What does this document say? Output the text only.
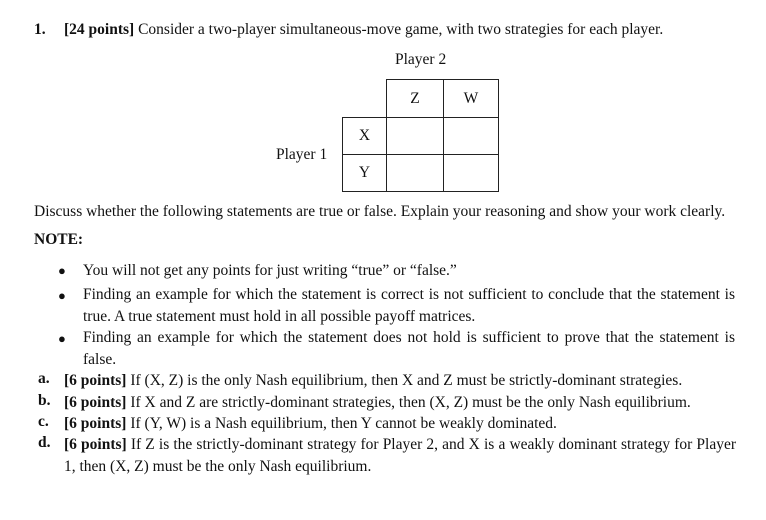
1. [24 points] Consider a two-player simultaneous-move game, with two strategies for each player.
Player 2
Player 1
Z	W
X		
Y		
Discuss whether the following statements are true or false. Explain your reasoning and show your work clearly.
NOTE:
● You will not get any points for just writing “true” or “false.”
● Finding an example for which the statement is correct is not sufficient to conclude that the statement is true. A true statement must hold in all possible payoff matrices.
● Finding an example for which the statement does not hold is sufficient to prove that the statement is false.
a. [6 points] If (X, Z) is the only Nash equilibrium, then X and Z must be strictly-dominant strategies.
b. [6 points] If X and Z are strictly-dominant strategies, then (X, Z) must be the only Nash equilibrium.
c. [6 points] If (Y, W) is a Nash equilibrium, then Y cannot be weakly dominated.
d. [6 points] If Z is the strictly-dominant strategy for Player 2, and X is a weakly dominant strategy for Player 1, then (X, Z) must be the only Nash equilibrium.
